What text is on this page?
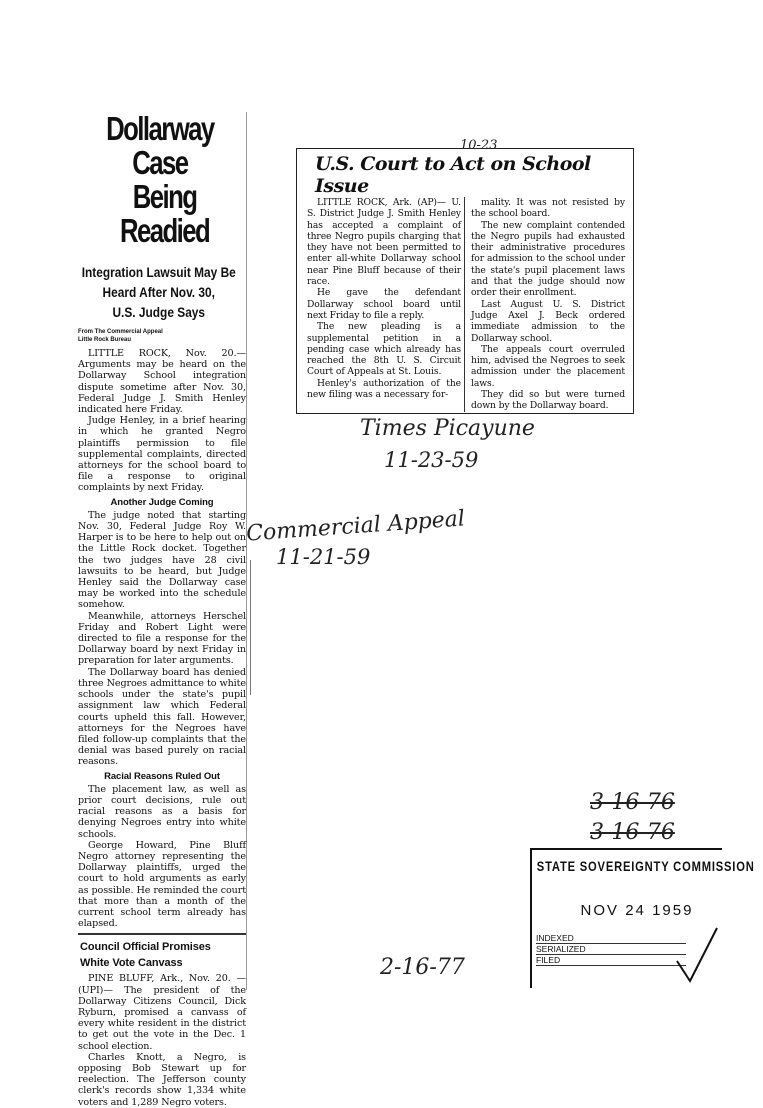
Dollarway Case
Being Readied
Integration Lawsuit May Be
Heard After Nov. 30,
U.S. Judge Says
From The Commercial Appeal
Little Rock Bureau

LITTLE ROCK, Nov. 20.—Arguments may be heard on the Dollarway School integration dispute sometime after Nov. 30, Federal Judge J. Smith Henley indicated here Friday.

Judge Henley, in a brief hearing in which he granted Negro plaintiffs permission to file supplemental complaints, directed attorneys for the school board to file a response to original complaints by next Friday.

Another Judge Coming

The judge noted that starting Nov. 30, Federal Judge Roy W. Harper is to be here to help out on the Little Rock docket. Together the two judges have 28 civil lawsuits to be heard, but Judge Henley said the Dollarway case may be worked into the schedule somehow.

Meanwhile, attorneys Herschel Friday and Robert Light were directed to file a response for the Dollarway board by next Friday in preparation for later arguments.

The Dollarway board has denied three Negroes admittance to white schools under the state's pupil assignment law which Federal courts upheld this fall. However, attorneys for the Negroes have filed follow-up complaints that the denial was based purely on racial reasons.

Racial Reasons Ruled Out

The placement law, as well as prior court decisions, rule out racial reasons as a basis for denying Negroes entry into white schools.

George Howard, Pine Bluff Negro attorney representing the Dollarway plaintiffs, urged the court to hold arguments as early as possible. He reminded the court that more than a month of the current school term already has elapsed.

Council Official Promises
White Vote Canvass

PINE BLUFF, Ark., Nov. 20. —(UPI)— The president of the Dollarway Citizens Council, Dick Ryburn, promised a canvass of every white resident in the district to get out the vote in the Dec. 1 school election.

Charles Knott, a Negro, is opposing Bob Stewart up for reelection. The Jefferson county clerk's records show 1,334 white voters and 1,289 Negro voters.

U.S. Court to Act on School Issue

LITTLE ROCK, Ark. (AP)— U. S. District Judge J. Smith Henley has accepted a complaint of three Negro pupils charging that they have not been permitted to enter all-white Dollarway school near Pine Bluff because of their race.

He gave the defendant Dollarway school board until next Friday to file a reply.

The new pleading is a supplemental petition in a pending case which already has reached the 8th U. S. Circuit Court of Appeals at St. Louis.

Henley's authorization of the new filing was a necessary for-

mality. It was not resisted by the school board.

The new complaint contended the Negro pupils had exhausted their administrative procedures for admission to the school under the state's pupil placement laws and that the judge should now order their enrollment.

Last August U. S. District Judge Axel J. Beck ordered immediate admission to the Dollarway school.

The appeals court overruled him, advised the Negroes to seek admission under the placement laws.

They did so but were turned down by the Dollarway board.

10-23
Times Picayune
11-23-59
Commercial Appeal
11-21-59
3-16-76
3-16-76
2-16-77
STATE SOVEREIGNTY COMMISSION
NOV 24 1959
INDEXED
SERIALIZED
FILED
